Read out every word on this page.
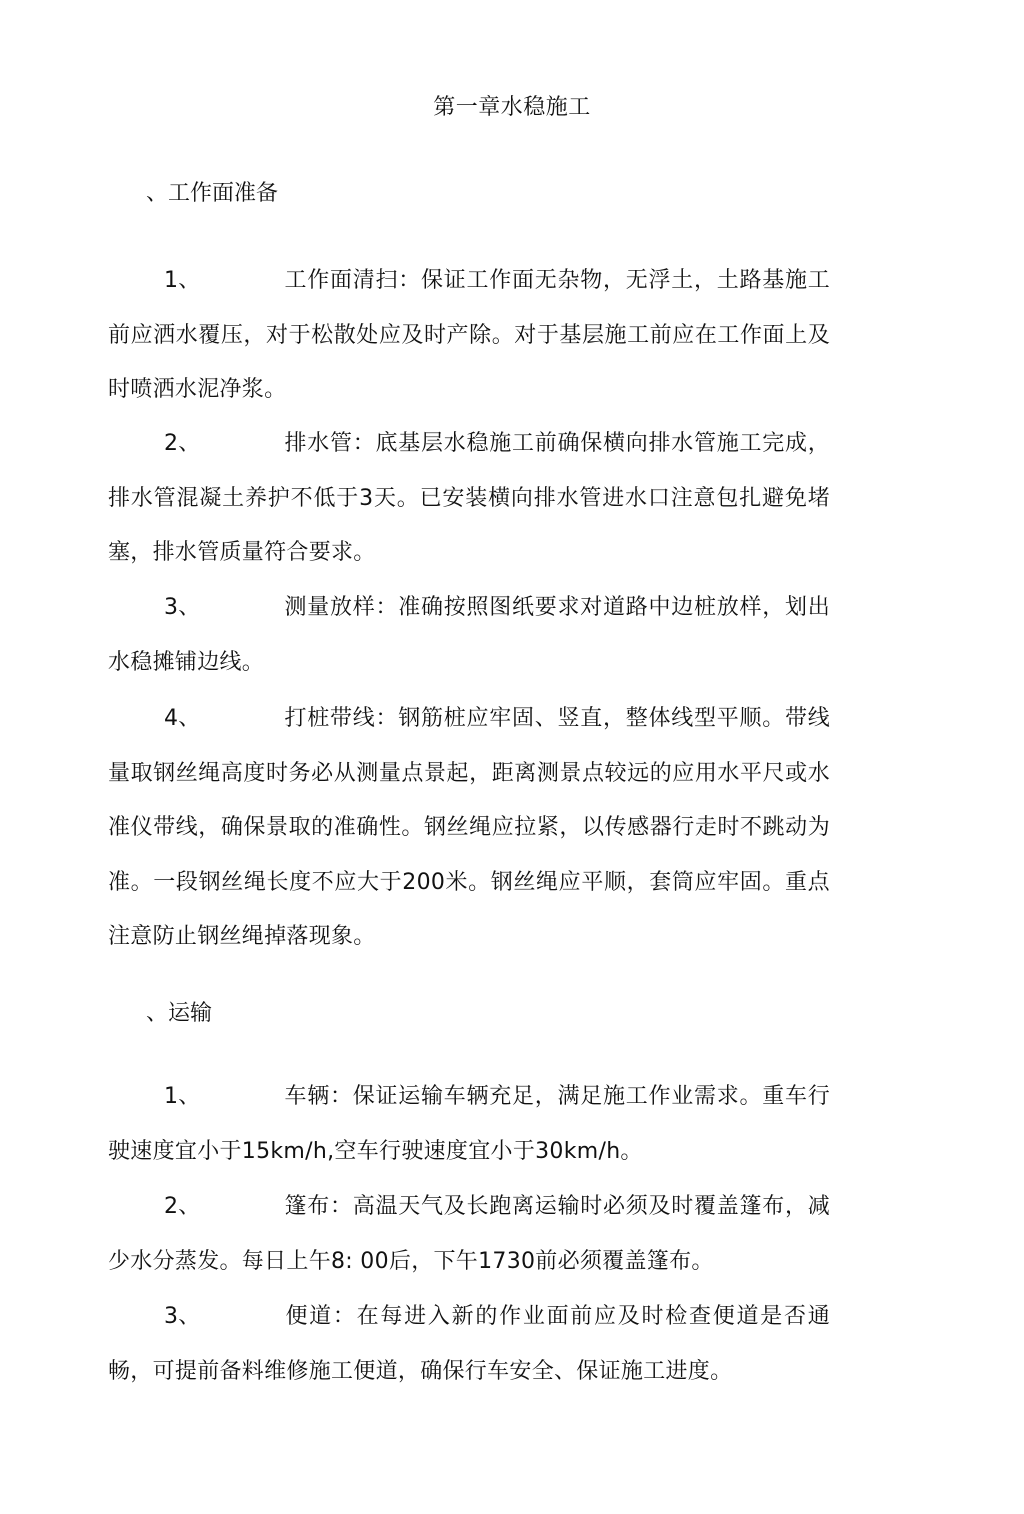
第一章水稳施工
、工作面准备
1、	工作面清扫：保证工作面无杂物，无浮土，土路基施工前应洒水覆压，对于松散处应及时产除。对于基层施工前应在工作面上及时喷洒水泥净浆。
2、	排水管：底基层水稳施工前确保横向排水管施工完成，排水管混凝土养护不低于3天。已安装横向排水管进水口注意包扎避免堵塞，排水管质量符合要求。
3、	测量放样：准确按照图纸要求对道路中边桩放样，划出水稳摊铺边线。
4、	打桩带线：钢筋桩应牢固、竖直，整体线型平顺。带线量取钢丝绳高度时务必从测量点景起，距离测景点较远的应用水平尺或水准仪带线，确保景取的准确性。钢丝绳应拉紧，以传感器行走时不跳动为准。一段钢丝绳长度不应大于200米。钢丝绳应平顺，套筒应牢固。重点注意防止钢丝绳掉落现象。
、运输
1、	车辆：保证运输车辆充足，满足施工作业需求。重车行驶速度宜小于15km/h,空车行驶速度宜小于30km/h。
2、	篷布：高温天气及长跑离运输时必须及时覆盖篷布，减少水分蒸发。每日上午8: 00后，下午1730前必须覆盖篷布。
3、	便道：在每进入新的作业面前应及时检查便道是否通畅，可提前备料维修施工便道，确保行车安全、保证施工进度。
